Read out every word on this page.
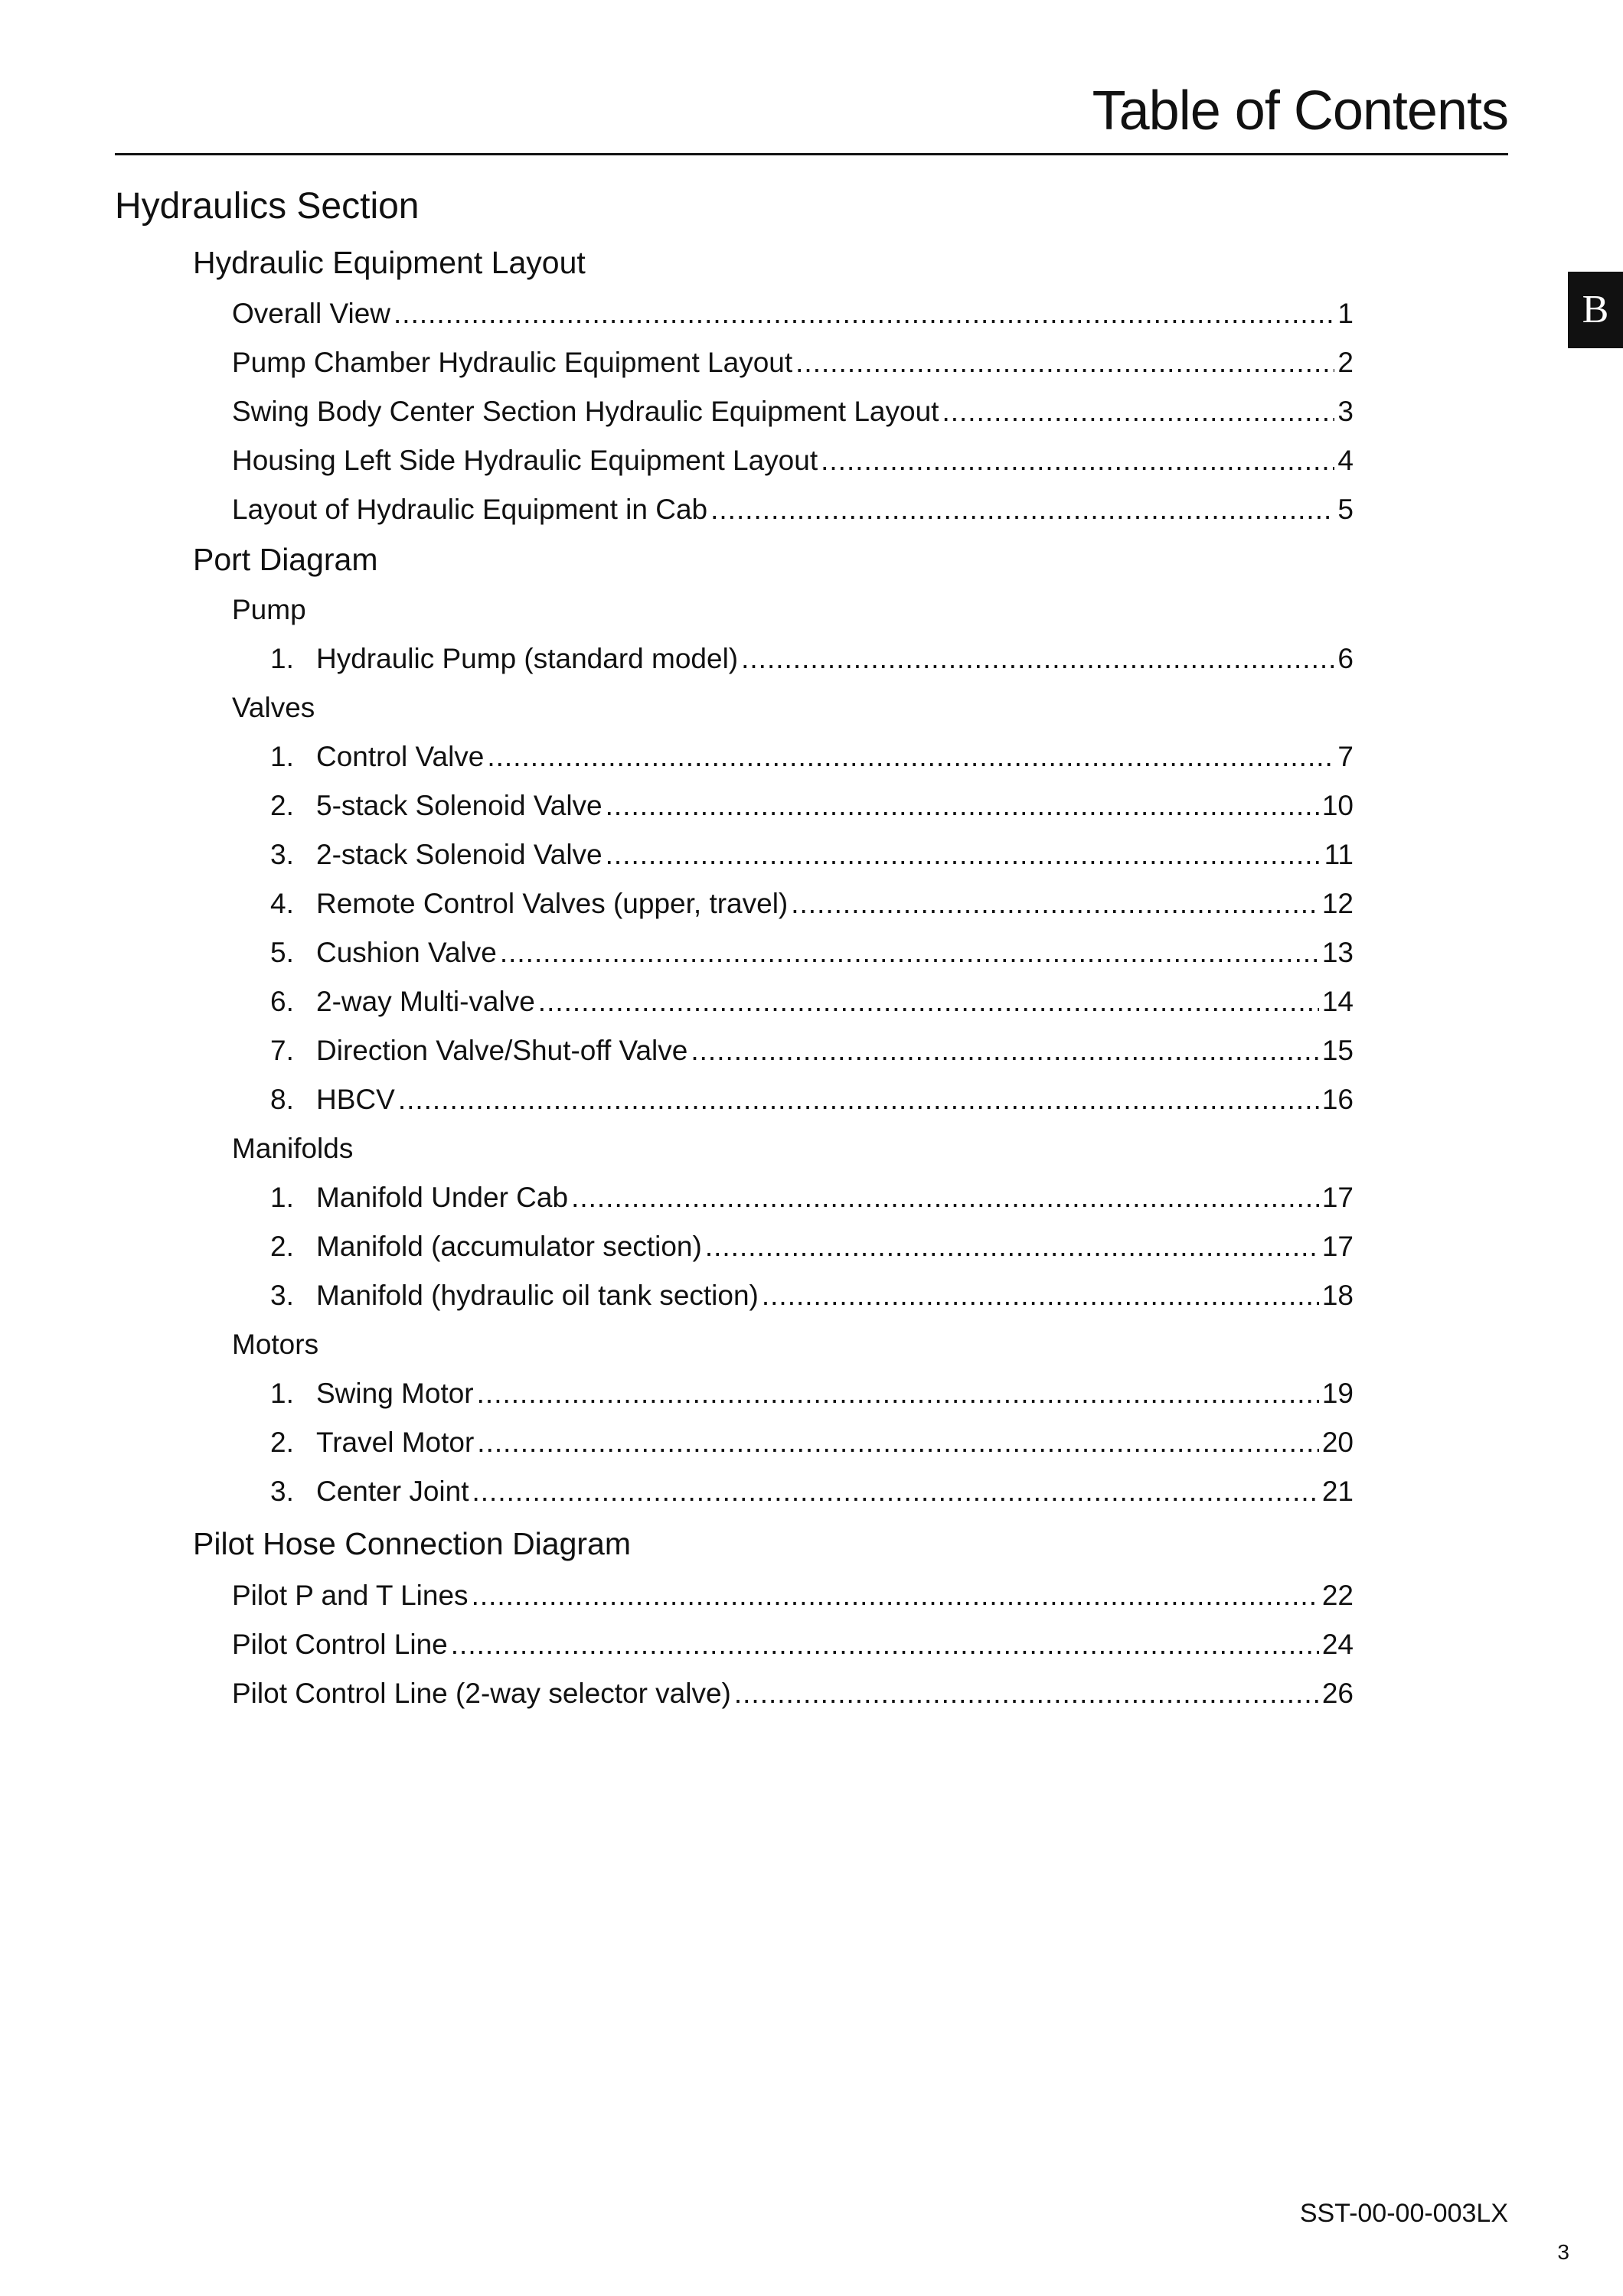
Table of Contents
B
Hydraulics Section
Hydraulic Equipment Layout
Overall View .....	1
Pump Chamber Hydraulic Equipment Layout .....	2
Swing Body Center Section Hydraulic Equipment Layout .....	3
Housing Left Side Hydraulic Equipment Layout .....	4
Layout of Hydraulic Equipment in Cab .....	5
Port Diagram
Pump
1. Hydraulic Pump (standard model) .....	6
Valves
1. Control Valve .....	7
2. 5-stack Solenoid Valve .....	10
3. 2-stack Solenoid Valve .....	11
4. Remote Control Valves (upper, travel) .....	12
5. Cushion Valve .....	13
6. 2-way Multi-valve .....	14
7. Direction Valve/Shut-off Valve .....	15
8. HBCV .....	16
Manifolds
1. Manifold Under Cab .....	17
2. Manifold (accumulator section) .....	17
3. Manifold (hydraulic oil tank section) .....	18
Motors
1. Swing Motor .....	19
2. Travel Motor .....	20
3. Center Joint .....	21
Pilot Hose Connection Diagram
Pilot P and T Lines .....	22
Pilot Control Line .....	24
Pilot Control Line (2-way selector valve) .....	26
SST-00-00-003LX
3
